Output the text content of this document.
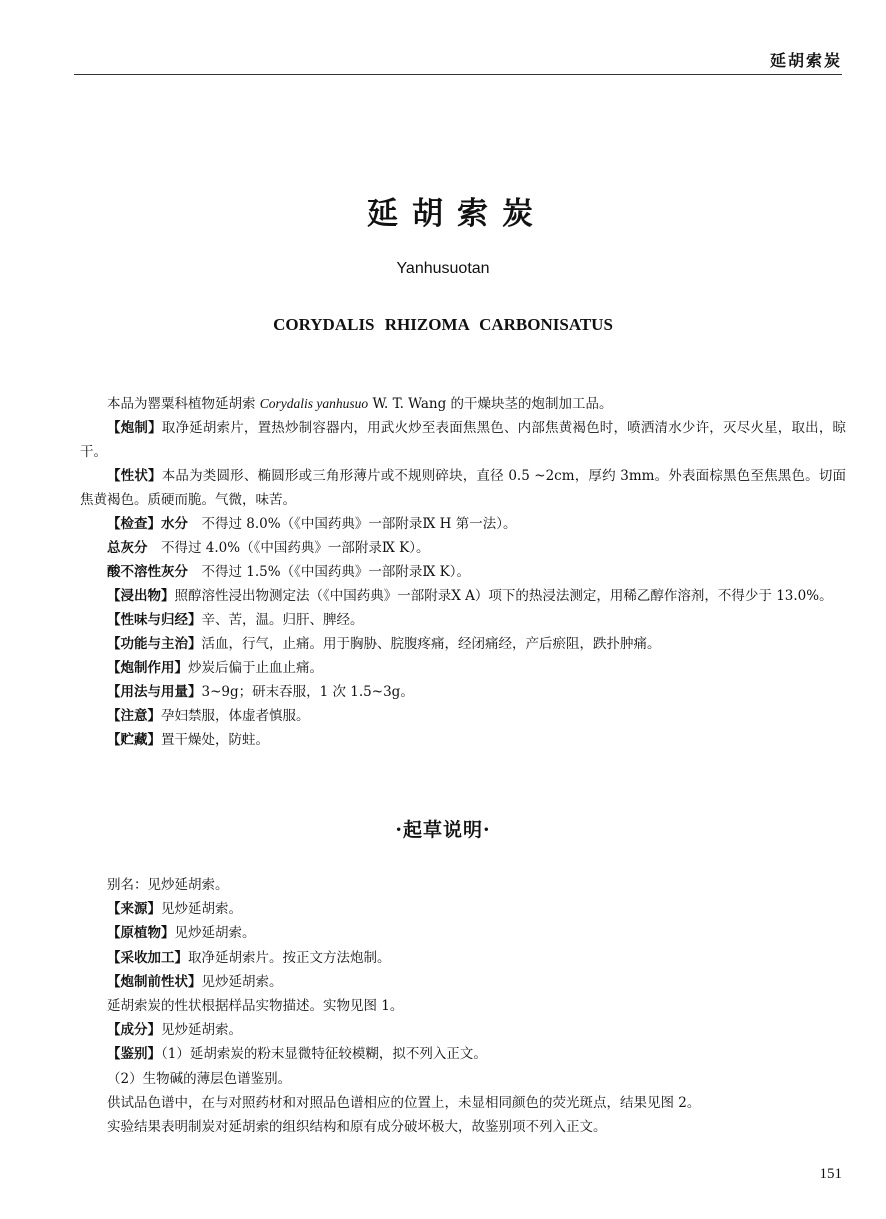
延胡索炭
延胡索炭
Yanhusuotan
CORYDALIS RHIZOMA CARBONISATUS

本品为罂粟科植物延胡索 Corydalis yanhusuo W. T. Wang 的干燥块茎的炮制加工品。

【炮制】取净延胡索片，置热炒制容器内，用武火炒至表面焦黑色、内部焦黄褐色时，喷洒清水少许，灭尽火星，取出，晾干。

【性状】本品为类圆形、椭圆形或三角形薄片或不规则碎块，直径 0.5 ~2cm，厚约 3mm。外表面棕黑色至焦黑色。切面焦黄褐色。质硬而脆。气微，味苦。

【检查】水分　不得过 8.0%（《中国药典》一部附录Ⅸ H 第一法）。

总灰分　不得过 4.0%（《中国药典》一部附录Ⅸ K）。

酸不溶性灰分　不得过 1.5%（《中国药典》一部附录Ⅸ K）。

【浸出物】照醇溶性浸出物测定法（《中国药典》一部附录Ⅹ A）项下的热浸法测定，用稀乙醇作溶剂，不得少于 13.0%。

【性味与归经】辛、苦，温。归肝、脾经。

【功能与主治】活血，行气，止痛。用于胸胁、脘腹疼痛，经闭痛经，产后瘀阻，跌扑肿痛。

【炮制作用】炒炭后偏于止血止痛。

【用法与用量】3~9g；研末吞服，1 次 1.5~3g。

【注意】孕妇禁服，体虚者慎服。

【贮藏】置干燥处，防蛀。

·起草说明·

别名：见炒延胡索。

【来源】见炒延胡索。

【原植物】见炒延胡索。

【采收加工】取净延胡索片。按正文方法炮制。

【炮制前性状】见炒延胡索。

延胡索炭的性状根据样品实物描述。实物见图 1。

【成分】见炒延胡索。

【鉴别】（1）延胡索炭的粉末显微特征较模糊，拟不列入正文。

（2）生物碱的薄层色谱鉴别。

供试品色谱中，在与对照药材和对照品色谱相应的位置上，未显相同颜色的荧光斑点，结果见图 2。

实验结果表明制炭对延胡索的组织结构和原有成分破坏极大，故鉴别项不列入正文。

151
